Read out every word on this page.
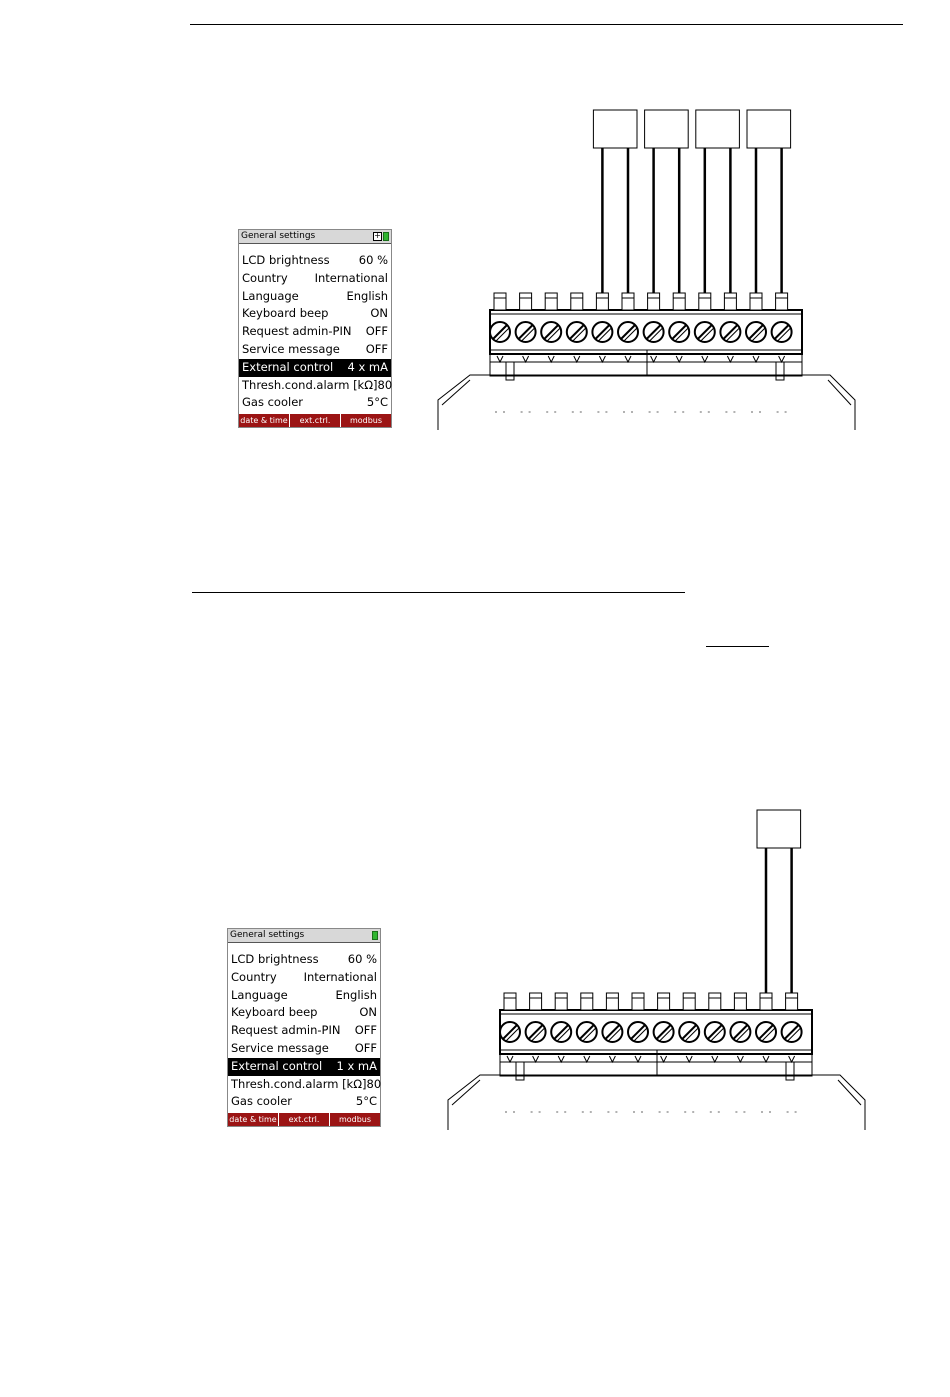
General settings	+
LCD brightness	60 %
Country International
Language	English
Keyboard beep	ON
Request admin-PIN OFF
Service message OFF
External control 4 x mA
Thresh.cond.alarm [kΩ] 80
Gas cooler	5°C
date & time	ext.ctrl.	modbus
General settings
LCD brightness	60 %
Country International
Language	English
Keyboard beep	ON
Request admin-PIN OFF
Service message OFF
External control 1 x mA
Thresh.cond.alarm [kΩ] 80
Gas cooler	5°C
date & time	ext.ctrl.	modbus
